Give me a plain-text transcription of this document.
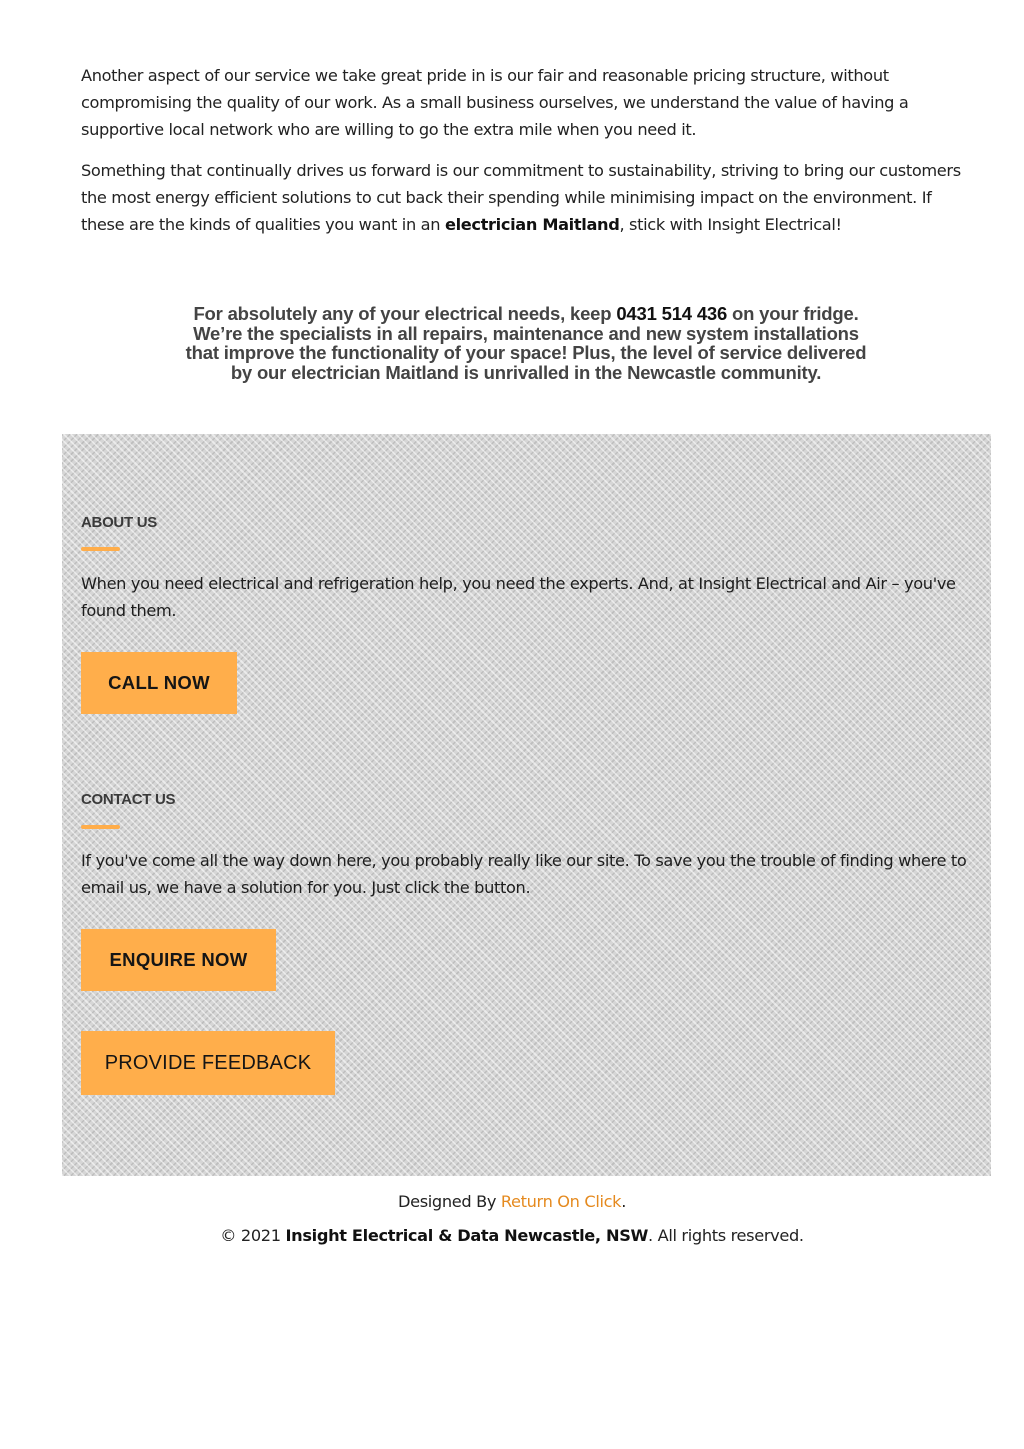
Another aspect of our service we take great pride in is our fair and reasonable pricing structure, without compromising the quality of our work. As a small business ourselves, we understand the value of having a supportive local network who are willing to go the extra mile when you need it.

Something that continually drives us forward is our commitment to sustainability, striving to bring our customers the most energy efficient solutions to cut back their spending while minimising impact on the environment. If these are the kinds of qualities you want in an electrician Maitland, stick with Insight Electrical!

For absolutely any of your electrical needs, keep 0431 514 436 on your fridge.
We’re the specialists in all repairs, maintenance and new system installations
that improve the functionality of your space! Plus, the level of service delivered
by our electrician Maitland is unrivalled in the Newcastle community.
ABOUT US
When you need electrical and refrigeration help, you need the experts. And, at Insight Electrical and Air – you've found them.
CALL NOW
CONTACT US
If you've come all the way down here, you probably really like our site. To save you the trouble of finding where to email us, we have a solution for you. Just click the button.
ENQUIRE NOW
PROVIDE FEEDBACK
Designed By Return On Click.
© 2021 Insight Electrical & Data Newcastle, NSW. All rights reserved.
